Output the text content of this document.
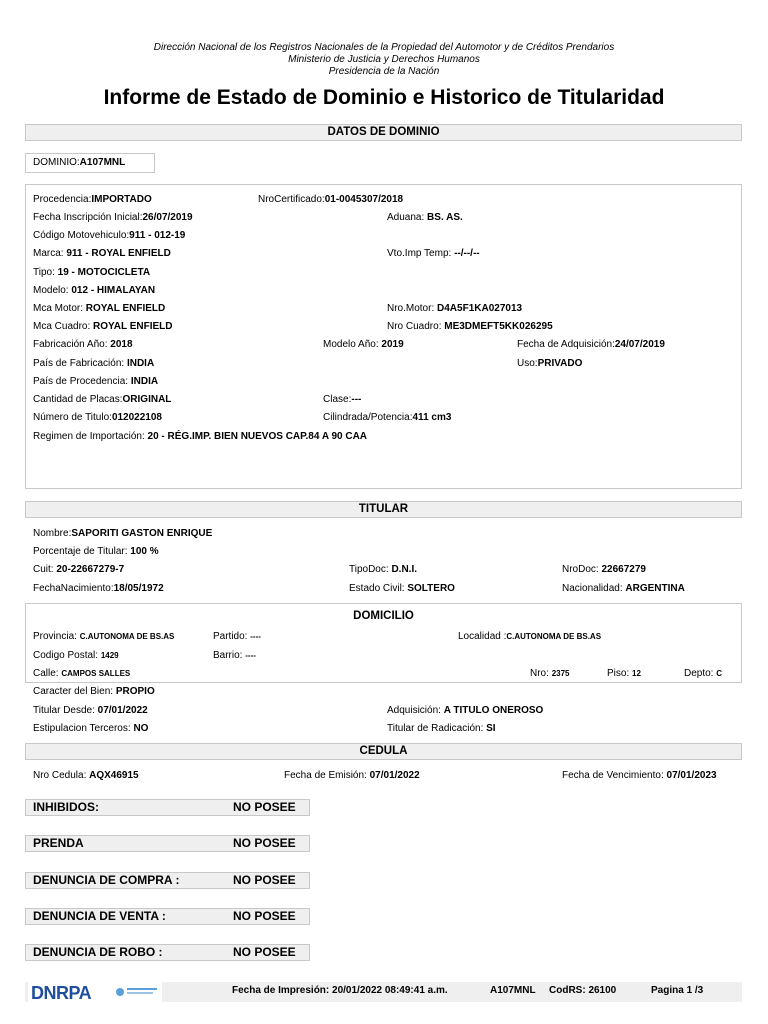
Dirección Nacional de los Registros Nacionales de la Propiedad del Automotor y de Créditos Prendarios
Ministerio de Justicia y Derechos Humanos
Presidencia de la Nación
Informe de Estado de Dominio e Historico de Titularidad
DATOS DE DOMINIO
DOMINIO:A107MNL
Procedencia:IMPORTADO	NroCertificado:01-0045307/2018
Fecha Inscripción Inicial:26/07/2019	Aduana: BS. AS.
Código Motovehiculo:911 - 012-19
Marca: 911 - ROYAL ENFIELD	Vto.Imp Temp: --/--/--
Tipo: 19 - MOTOCICLETA
Modelo: 012 - HIMALAYAN
Mca Motor: ROYAL ENFIELD	Nro.Motor: D4A5F1KA027013
Mca Cuadro: ROYAL ENFIELD	Nro Cuadro: ME3DMEFT5KK026295
Fabricación Año: 2018	Modelo Año: 2019	Fecha de Adquisición:24/07/2019
País de Fabricación: INDIA	Uso:PRIVADO
País de Procedencia: INDIA
Cantidad de Placas:ORIGINAL	Clase:---
Número de Titulo:012022108	Cilindrada/Potencia:411 cm3
Regimen de Importación: 20 - RÉG.IMP. BIEN NUEVOS CAP.84 A 90 CAA
TITULAR
Nombre:SAPORITI GASTON ENRIQUE
Porcentaje de Titular: 100 %
Cuit: 20-22667279-7	TipoDoc: D.N.I.	NroDoc: 22667279
FechaNacimiento:18/05/1972	Estado Civil: SOLTERO	Nacionalidad: ARGENTINA
DOMICILIO
Provincia: C.AUTONOMA DE BS.AS	Partido: ----	Localidad :C.AUTONOMA DE BS.AS
Codigo Postal: 1429	Barrio: ----
Calle: CAMPOS SALLES	Nro: 2375	Piso: 12	Depto: C
Caracter del Bien: PROPIO
Titular Desde: 07/01/2022	Adquisición: A TITULO ONEROSO
Estipulacion Terceros: NO	Titular de Radicación: SI
CEDULA
Nro Cedula: AQX46915	Fecha de Emisión: 07/01/2022	Fecha de Vencimiento: 07/01/2023
INHIBIDOS:	NO POSEE
PRENDA	NO POSEE
DENUNCIA DE COMPRA :	NO POSEE
DENUNCIA DE VENTA :	NO POSEE
DENUNCIA DE ROBO :	NO POSEE
DNRPA	Fecha de Impresión: 20/01/2022 08:49:41 a.m.	A107MNL CodRS: 26100	Pagina 1 /3
